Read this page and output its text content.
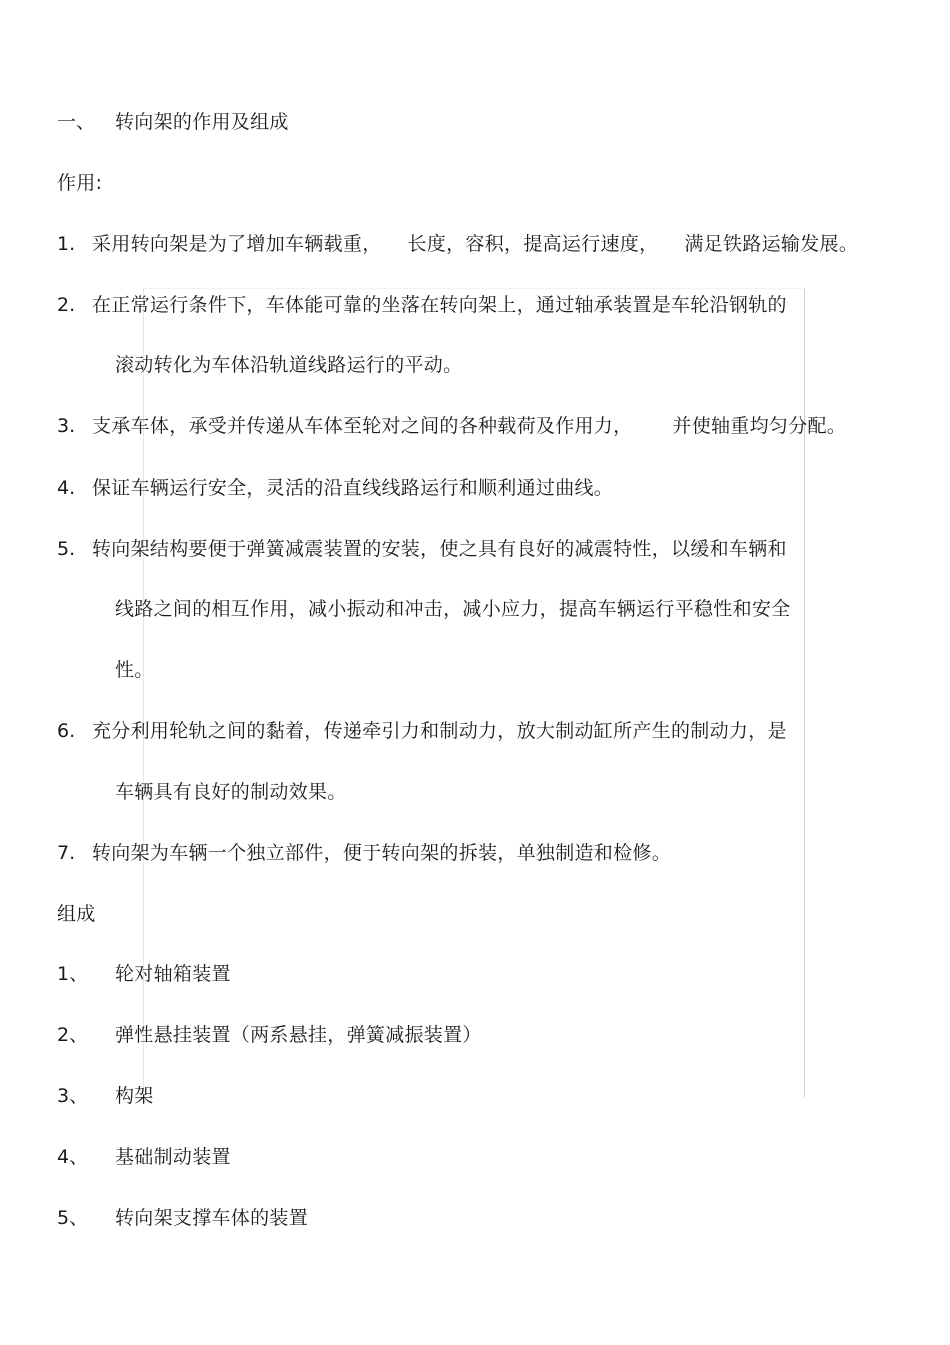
一、 转向架的作用及组成
作用:
1. 采用转向架是为了增加车辆载重， 长度，容积，提高运行速度， 满足铁路运输发展。
2. 在正常运行条件下，车体能可靠的坐落在转向架上，通过轴承装置是车轮沿钢轨的
滚动转化为车体沿轨道线路运行的平动。
3. 支承车体，承受并传递从车体至轮对之间的各种载荷及作用力， 并使轴重均匀分配。
4. 保证车辆运行安全，灵活的沿直线线路运行和顺利通过曲线。
5. 转向架结构要便于弹簧减震装置的安装，使之具有良好的减震特性，以缓和车辆和
线路之间的相互作用，减小振动和冲击，减小应力，提高车辆运行平稳性和安全
性。
6. 充分利用轮轨之间的黏着，传递牵引力和制动力，放大制动缸所产生的制动力，是
车辆具有良好的制动效果。
7. 转向架为车辆一个独立部件，便于转向架的拆装，单独制造和检修。
组成
1、 轮对轴箱装置
2、 弹性悬挂装置（两系悬挂，弹簧减振装置）
3、 构架
4、 基础制动装置
5、 转向架支撑车体的装置
